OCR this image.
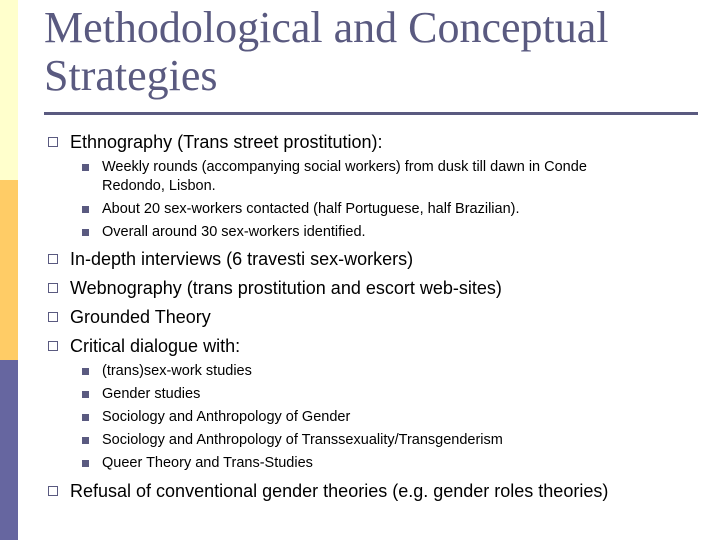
Methodological and Conceptual
Strategies
Ethnography (Trans street prostitution):
Weekly rounds (accompanying social workers) from dusk till dawn in Conde
Redondo, Lisbon.
About 20 sex-workers contacted (half Portuguese, half Brazilian).
Overall around 30 sex-workers identified.
In-depth interviews (6 travesti sex-workers)
Webnography (trans prostitution and escort web-sites)
Grounded Theory
Critical dialogue with:
(trans)sex-work studies
Gender studies
Sociology and Anthropology of Gender
Sociology and Anthropology of Transsexuality/Transgenderism
Queer Theory and Trans-Studies
Refusal of conventional gender theories (e.g. gender roles theories)
